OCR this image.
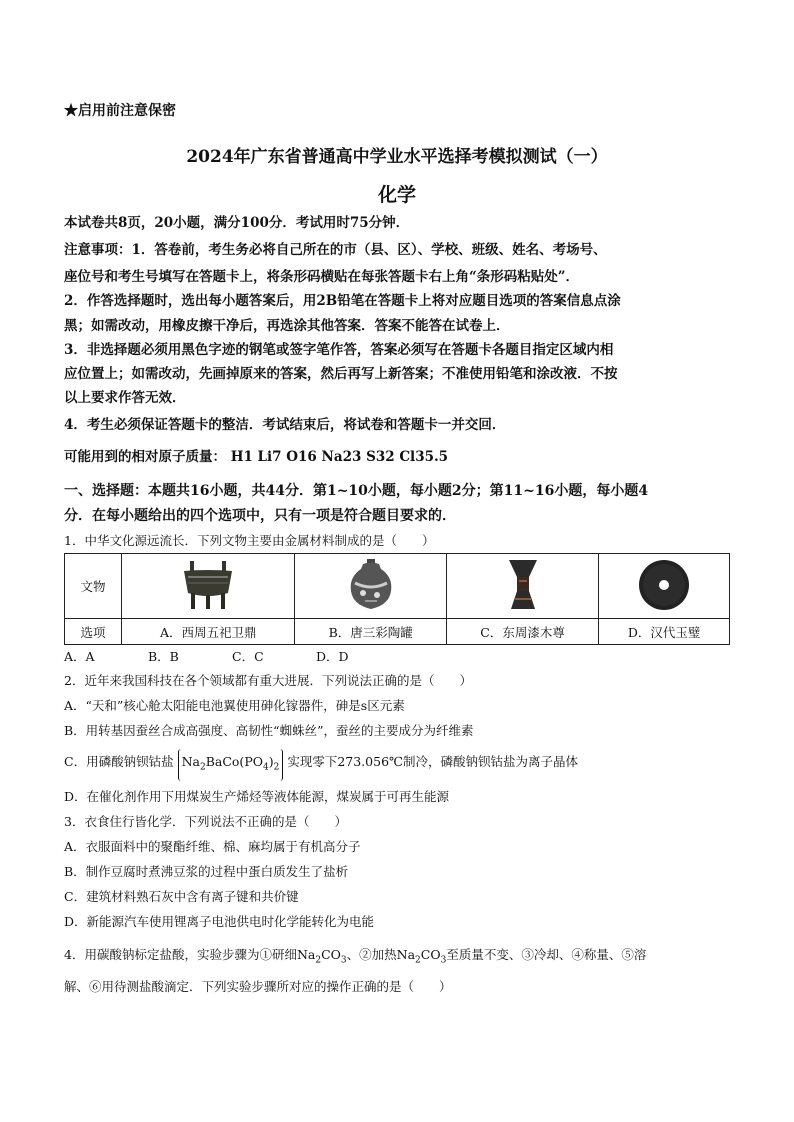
★启用前注意保密
2024年广东省普通高中学业水平选择考模拟测试（一）
化学
本试卷共8页，20小题，满分100分．考试用时75分钟．
注意事项：1．答卷前，考生务必将自己所在的市（县、区）、学校、班级、姓名、考场号、
座位号和考生号填写在答题卡上，将条形码横贴在每张答题卡右上角“条形码粘贴处”．
2．作答选择题时，选出每小题答案后，用2B铅笔在答题卡上将对应题目选项的答案信息点涂
黑；如需改动，用橡皮擦干净后，再选涂其他答案．答案不能答在试卷上．
3．非选择题必须用黑色字迹的钢笔或签字笔作答，答案必须写在答题卡各题目指定区域内相
应位置上；如需改动，先画掉原来的答案，然后再写上新答案；不准使用铅笔和涂改液．不按
以上要求作答无效．
4．考生必须保证答题卡的整洁．考试结束后，将试卷和答题卡一并交回．
可能用到的相对原子质量： H1 Li7 O16 Na23 S32 Cl35.5
一、选择题：本题共16小题，共44分．第1~10小题，每小题2分；第11~16小题，每小题4
分．在每小题给出的四个选项中，只有一项是符合题目要求的．
1．中华文化源远流长．下列文物主要由金属材料制成的是（　　）
文物				
选项	A．西周五祀卫鼎	B．唐三彩陶罐	C．东周漆木尊	D．汉代玉璧
A．A	B．B	C．C	D．D
2．近年来我国科技在各个领域都有重大进展．下列说法正确的是（　　）
A．“天和”核心舱太阳能电池翼使用砷化镓器件，砷是s区元素
B．用转基因蚕丝合成高强度、高韧性“蜘蛛丝”，蚕丝的主要成分为纤维素
C．用磷酸钠钡钴盐 $Na_2BaCo(PO_4)_2$ 实现零下273.056℃制冷，磷酸钠钡钴盐为离子晶体
D．在催化剂作用下用煤炭生产烯烃等液体能源，煤炭属于可再生能源
3．衣食住行皆化学．下列说法不正确的是（　　）
A．衣服面料中的聚酯纤维、棉、麻均属于有机高分子
B．制作豆腐时煮沸豆浆的过程中蛋白质发生了盐析
C．建筑材料熟石灰中含有离子键和共价键
D．新能源汽车使用锂离子电池供电时化学能转化为电能
4．用碳酸钠标定盐酸，实验步骤为①研细$Na_2CO_3$、②加热$Na_2CO_3$至质量不变、③冷却、④称量、⑤溶
解、⑥用待测盐酸滴定．下列实验步骤所对应的操作正确的是（　　）
